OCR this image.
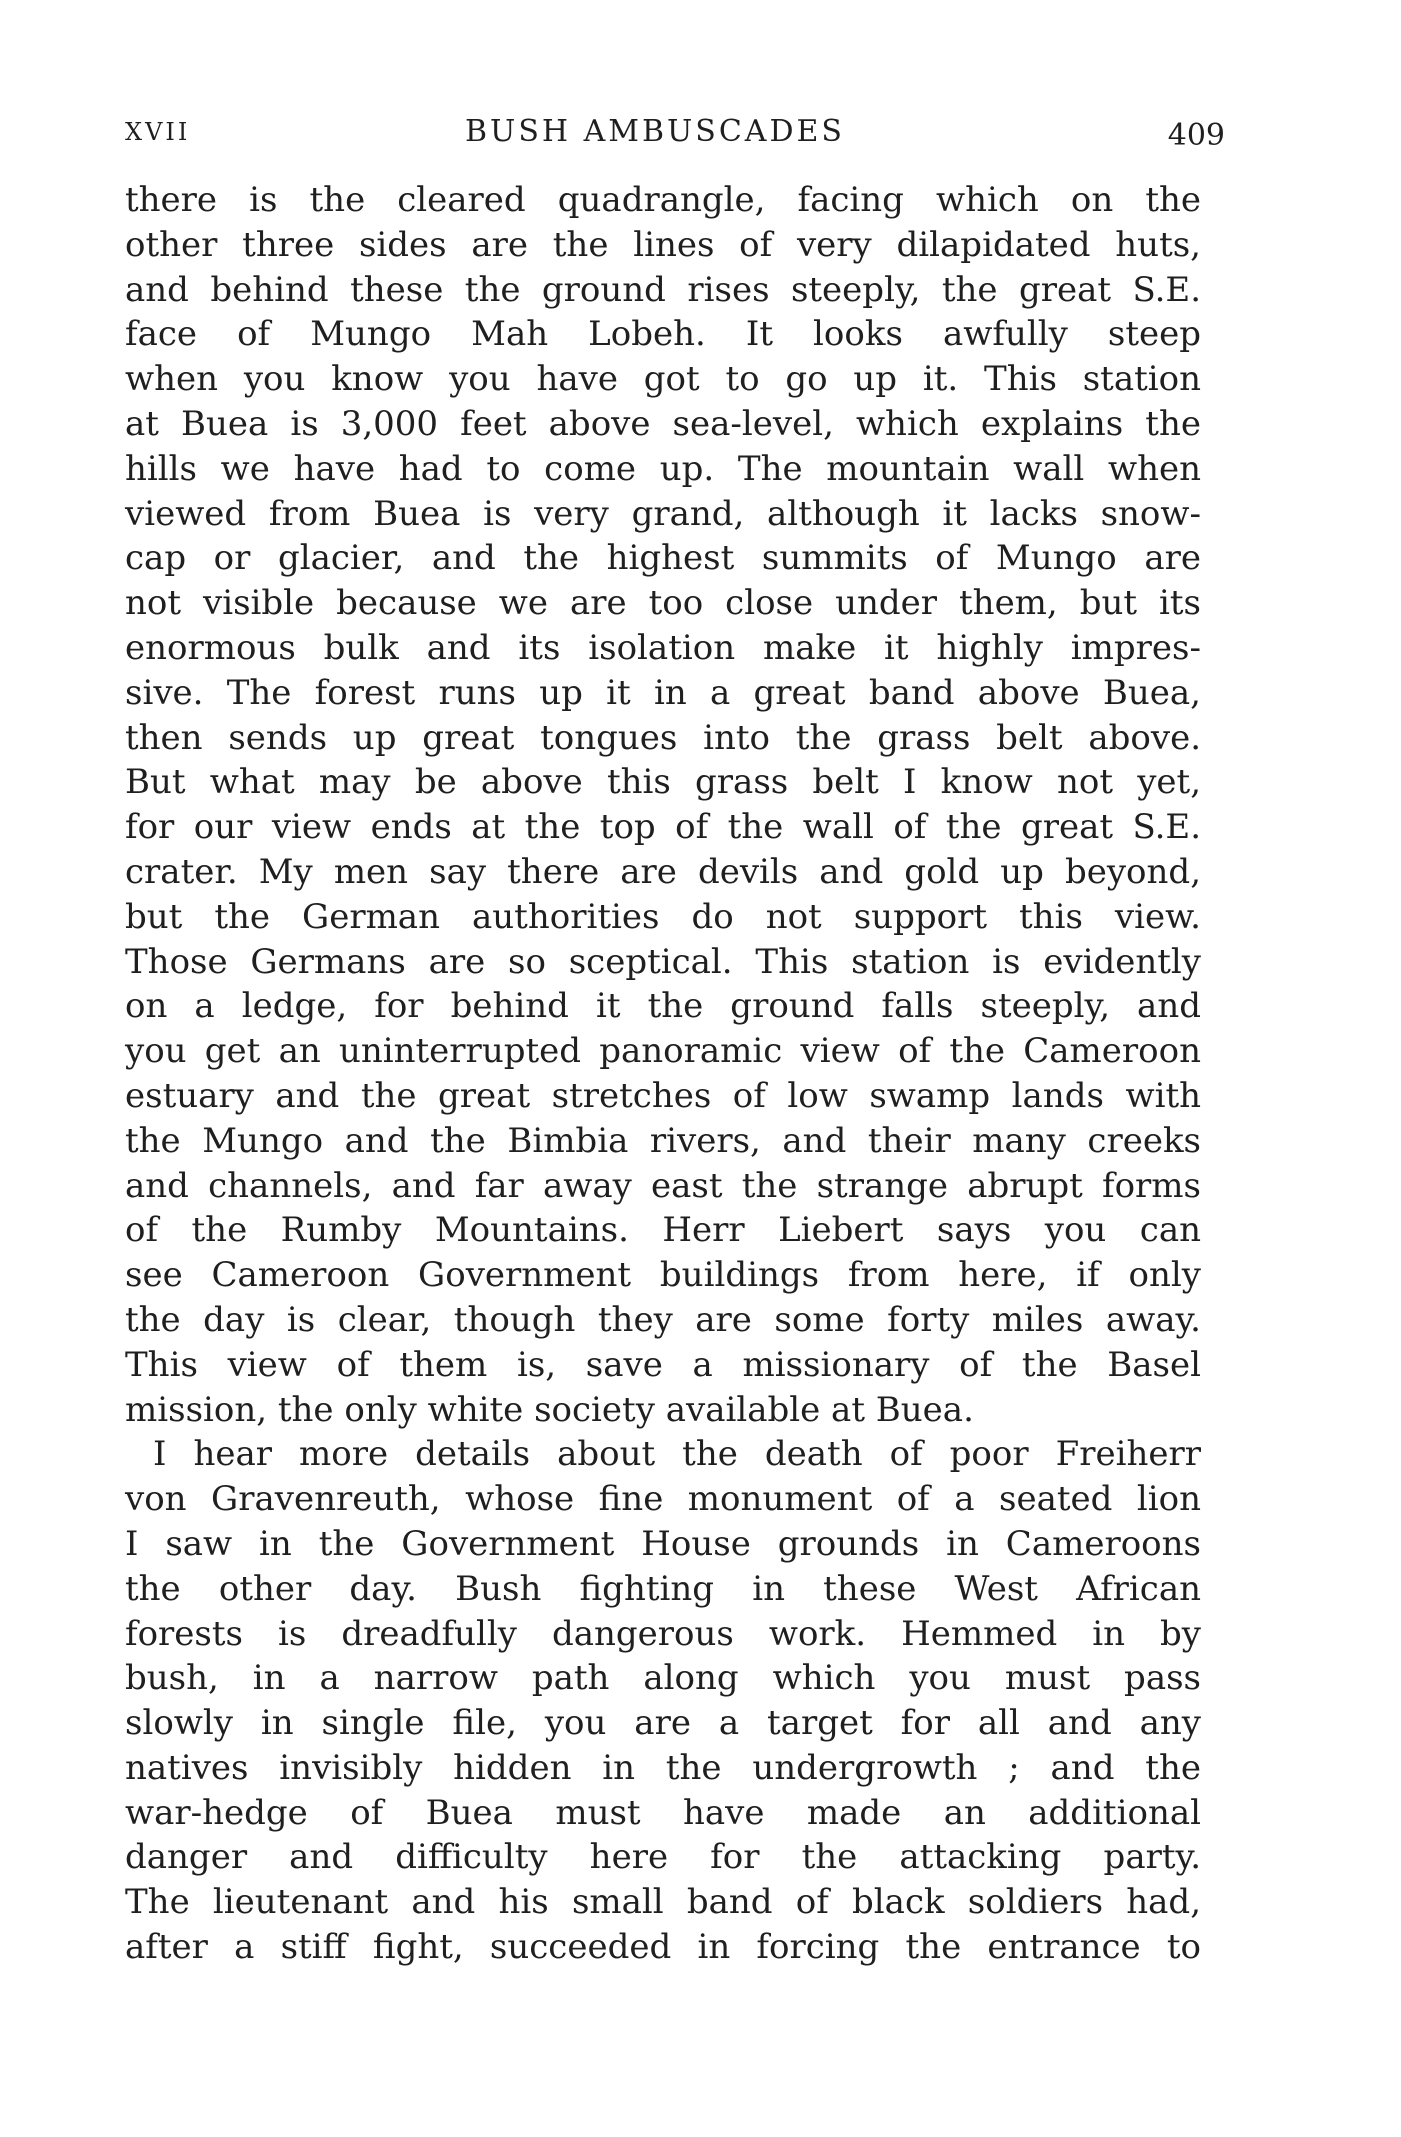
XVII	BUSH AMBUSCADES	409
there is the cleared quadrangle, facing which on the
other three sides are the lines of very dilapidated huts,
and behind these the ground rises steeply, the great S.E.
face of Mungo Mah Lobeh. It looks awfully steep
when you know you have got to go up it. This station
at Buea is 3,000 feet above sea-level, which explains the
hills we have had to come up. The mountain wall when
viewed from Buea is very grand, although it lacks snow-
cap or glacier, and the highest summits of Mungo are
not visible because we are too close under them, but its
enormous bulk and its isolation make it highly impres-
sive. The forest runs up it in a great band above Buea,
then sends up great tongues into the grass belt above.
But what may be above this grass belt I know not yet,
for our view ends at the top of the wall of the great S.E.
crater. My men say there are devils and gold up beyond,
but the German authorities do not support this view.
Those Germans are so sceptical. This station is evidently
on a ledge, for behind it the ground falls steeply, and
you get an uninterrupted panoramic view of the Cameroon
estuary and the great stretches of low swamp lands with
the Mungo and the Bimbia rivers, and their many creeks
and channels, and far away east the strange abrupt forms
of the Rumby Mountains. Herr Liebert says you can
see Cameroon Government buildings from here, if only
the day is clear, though they are some forty miles away.
This view of them is, save a missionary of the Basel
mission, the only white society available at Buea.
I hear more details about the death of poor Freiherr
von Gravenreuth, whose fine monument of a seated lion
I saw in the Government House grounds in Cameroons
the other day. Bush fighting in these West African
forests is dreadfully dangerous work. Hemmed in by
bush, in a narrow path along which you must pass
slowly in single file, you are a target for all and any
natives invisibly hidden in the undergrowth ; and the
war-hedge of Buea must have made an additional
danger and difficulty here for the attacking party.
The lieutenant and his small band of black soldiers had,
after a stiff fight, succeeded in forcing the entrance to
